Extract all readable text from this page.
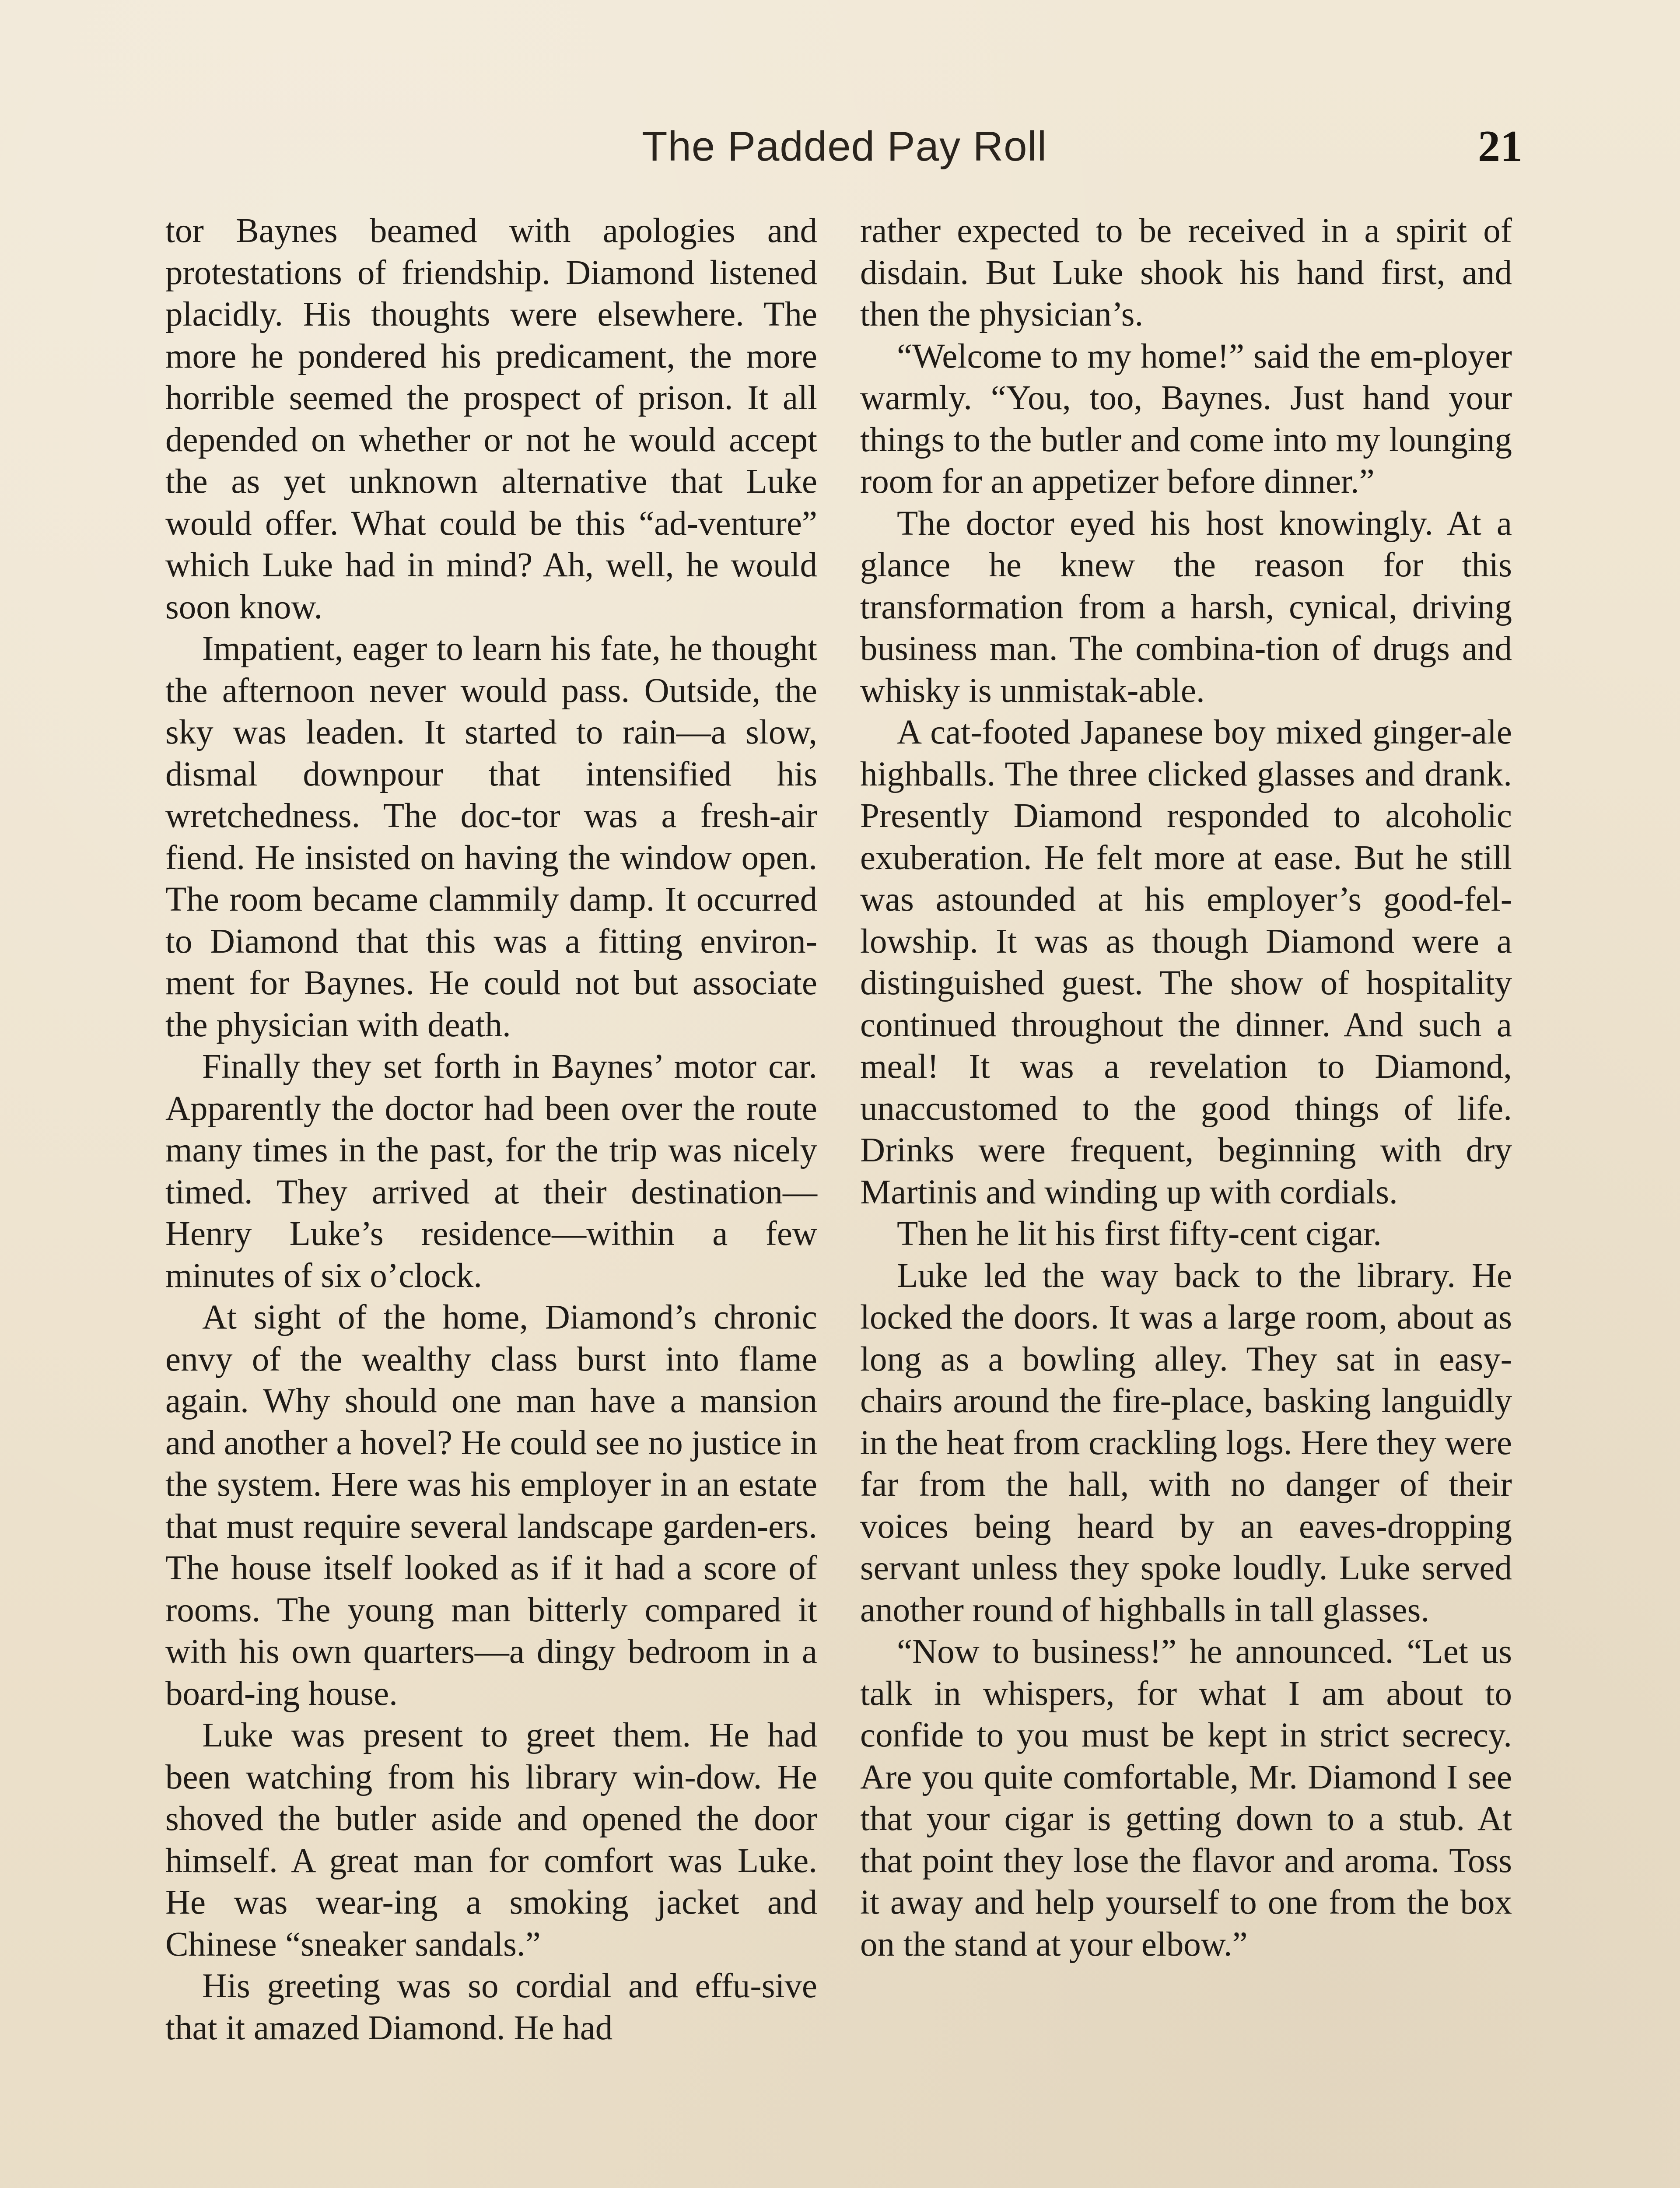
The Padded Pay Roll	21

tor Baynes beamed with apologies and protestations of friendship. Diamond listened placidly. His thoughts were elsewhere. The more he pondered his predicament, the more horrible seemed the prospect of prison. It all depended on whether or not he would accept the as yet unknown alternative that Luke would offer. What could be this “ad-venture” which Luke had in mind? Ah, well, he would soon know.

Impatient, eager to learn his fate, he thought the afternoon never would pass. Outside, the sky was leaden. It started to rain—a slow, dismal downpour that intensified his wretchedness. The doc-tor was a fresh-air fiend. He insisted on having the window open. The room became clammily damp. It occurred to Diamond that this was a fitting environ-ment for Baynes. He could not but associate the physician with death.

Finally they set forth in Baynes’ motor car. Apparently the doctor had been over the route many times in the past, for the trip was nicely timed. They arrived at their destination—Henry Luke’s residence—within a few minutes of six o’clock.

At sight of the home, Diamond’s chronic envy of the wealthy class burst into flame again. Why should one man have a mansion and another a hovel? He could see no justice in the system. Here was his employer in an estate that must require several landscape garden-ers. The house itself looked as if it had a score of rooms. The young man bitterly compared it with his own quarters—a dingy bedroom in a board-ing house.

Luke was present to greet them. He had been watching from his library win-dow. He shoved the butler aside and opened the door himself. A great man for comfort was Luke. He was wear-ing a smoking jacket and Chinese “sneaker sandals.”

His greeting was so cordial and effu-sive that it amazed Diamond. He had

rather expected to be received in a spirit of disdain. But Luke shook his hand first, and then the physician’s.

“Welcome to my home!” said the em-ployer warmly. “You, too, Baynes. Just hand your things to the butler and come into my lounging room for an appetizer before dinner.”

The doctor eyed his host knowingly. At a glance he knew the reason for this transformation from a harsh, cynical, driving business man. The combina-tion of drugs and whisky is unmistak-able.

A cat-footed Japanese boy mixed ginger-ale highballs. The three clicked glasses and drank. Presently Diamond responded to alcoholic exuberation. He felt more at ease. But he still was astounded at his employer’s good-fel-lowship. It was as though Diamond were a distinguished guest. The show of hospitality continued throughout the dinner. And such a meal! It was a revelation to Diamond, unaccustomed to the good things of life. Drinks were frequent, beginning with dry Martinis and winding up with cordials.

Then he lit his first fifty-cent cigar.

Luke led the way back to the library. He locked the doors. It was a large room, about as long as a bowling alley. They sat in easy-chairs around the fire-place, basking languidly in the heat from crackling logs. Here they were far from the hall, with no danger of their voices being heard by an eaves-dropping servant unless they spoke loudly. Luke served another round of highballs in tall glasses.

“Now to business!” he announced. “Let us talk in whispers, for what I am about to confide to you must be kept in strict secrecy. Are you quite comfortable, Mr. Diamond I see that your cigar is getting down to a stub. At that point they lose the flavor and aroma. Toss it away and help yourself to one from the box on the stand at your elbow.”
